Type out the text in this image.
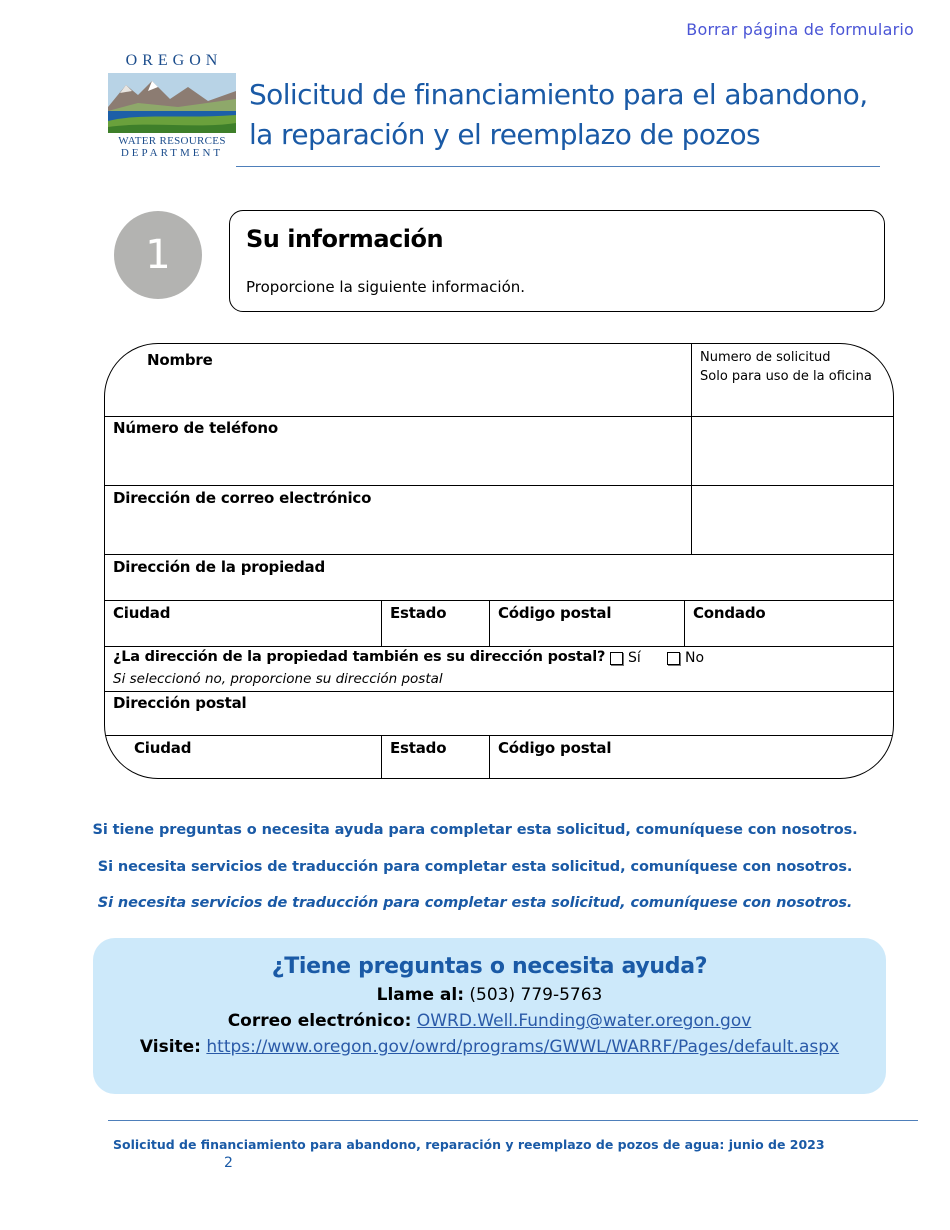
Borrar página de formulario
OREGON
WATER RESOURCES
DEPARTMENT
Solicitud de financiamiento para el abandono,
la reparación y el reemplazo de pozos
1	Su información
Proporcione la siguiente información.
Nombre	Numero de solicitud
Solo para uso de la oficina
Número de teléfono
Dirección de correo electrónico
Dirección de la propiedad
Ciudad	Estado	Código postal	Condado
¿La dirección de la propiedad también es su dirección postal? Sí	No
Si seleccionó no, proporcione su dirección postal
Dirección postal
Ciudad	Estado	Código postal
Si tiene preguntas o necesita ayuda para completar esta solicitud, comuníquese con nosotros.
Si necesita servicios de traducción para completar esta solicitud, comuníquese con nosotros.
Si necesita servicios de traducción para completar esta solicitud, comuníquese con nosotros.
¿Tiene preguntas o necesita ayuda?
Llame al: (503) 779-5763
Correo electrónico: OWRD.Well.Funding@water.oregon.gov
Visite: https://www.oregon.gov/owrd/programs/GWWL/WARRF/Pages/default.aspx
Solicitud de financiamiento para abandono, reparación y reemplazo de pozos de agua: junio de 2023
2
